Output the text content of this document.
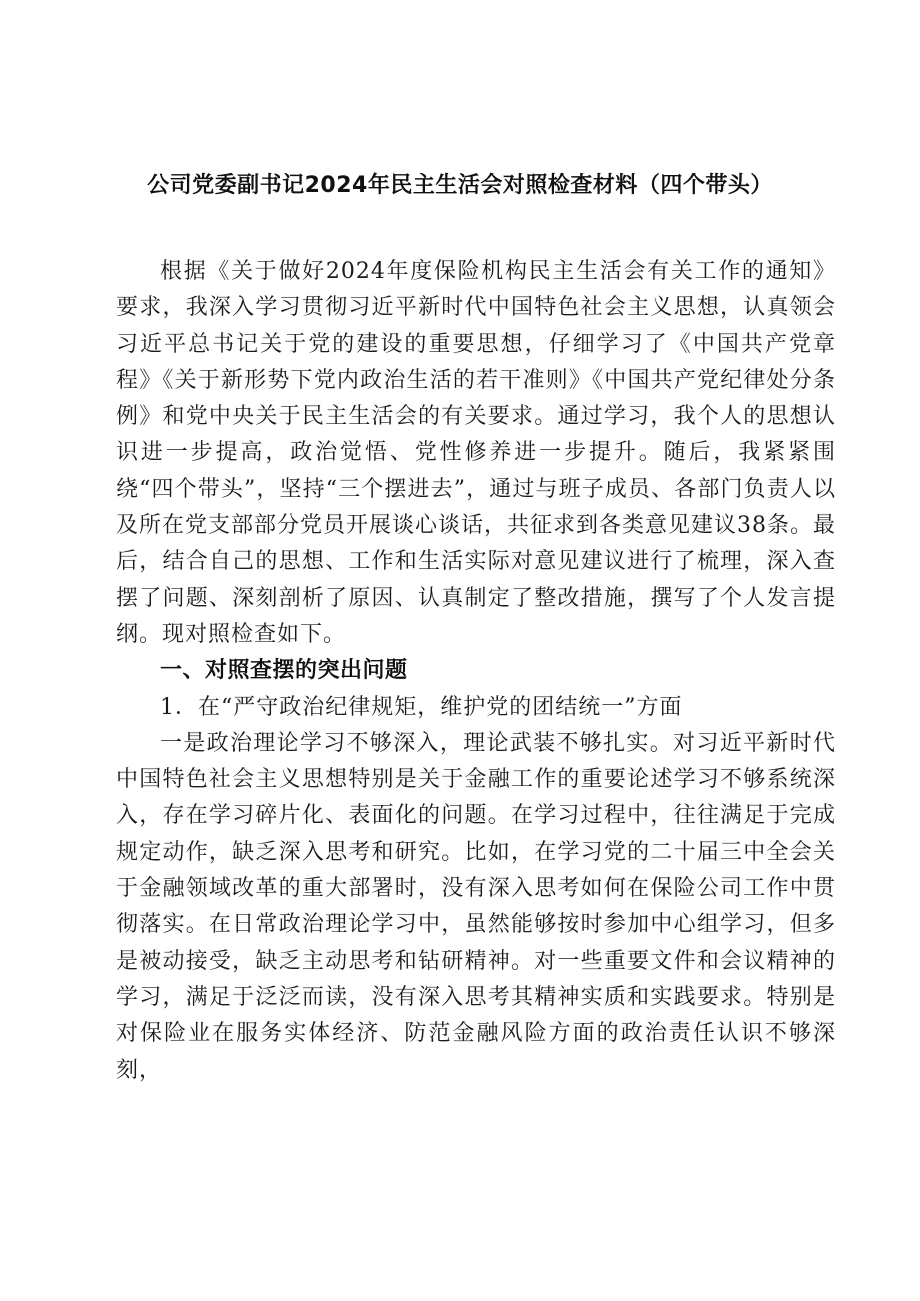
公司党委副书记2024年民主生活会对照检查材料（四个带头）

根据《关于做好2024年度保险机构民主生活会有关工作的通知》要求，我深入学习贯彻习近平新时代中国特色社会主义思想，认真领会习近平总书记关于党的建设的重要思想，仔细学习了《中国共产党章程》《关于新形势下党内政治生活的若干准则》《中国共产党纪律处分条例》和党中央关于民主生活会的有关要求。通过学习，我个人的思想认识进一步提高，政治觉悟、党性修养进一步提升。随后，我紧紧围绕“四个带头”，坚持“三个摆进去”，通过与班子成员、各部门负责人以及所在党支部部分党员开展谈心谈话，共征求到各类意见建议38条。最后，结合自己的思想、工作和生活实际对意见建议进行了梳理，深入查摆了问题、深刻剖析了原因、认真制定了整改措施，撰写了个人发言提纲。现对照检查如下。

一、对照查摆的突出问题

1．在“严守政治纪律规矩，维护党的团结统一”方面

一是政治理论学习不够深入，理论武装不够扎实。对习近平新时代中国特色社会主义思想特别是关于金融工作的重要论述学习不够系统深入，存在学习碎片化、表面化的问题。在学习过程中，往往满足于完成规定动作，缺乏深入思考和研究。比如，在学习党的二十届三中全会关于金融领域改革的重大部署时，没有深入思考如何在保险公司工作中贯彻落实。在日常政治理论学习中，虽然能够按时参加中心组学习，但多是被动接受，缺乏主动思考和钻研精神。对一些重要文件和会议精神的学习，满足于泛泛而读，没有深入思考其精神实质和实践要求。特别是对保险业在服务实体经济、防范金融风险方面的政治责任认识不够深刻，
